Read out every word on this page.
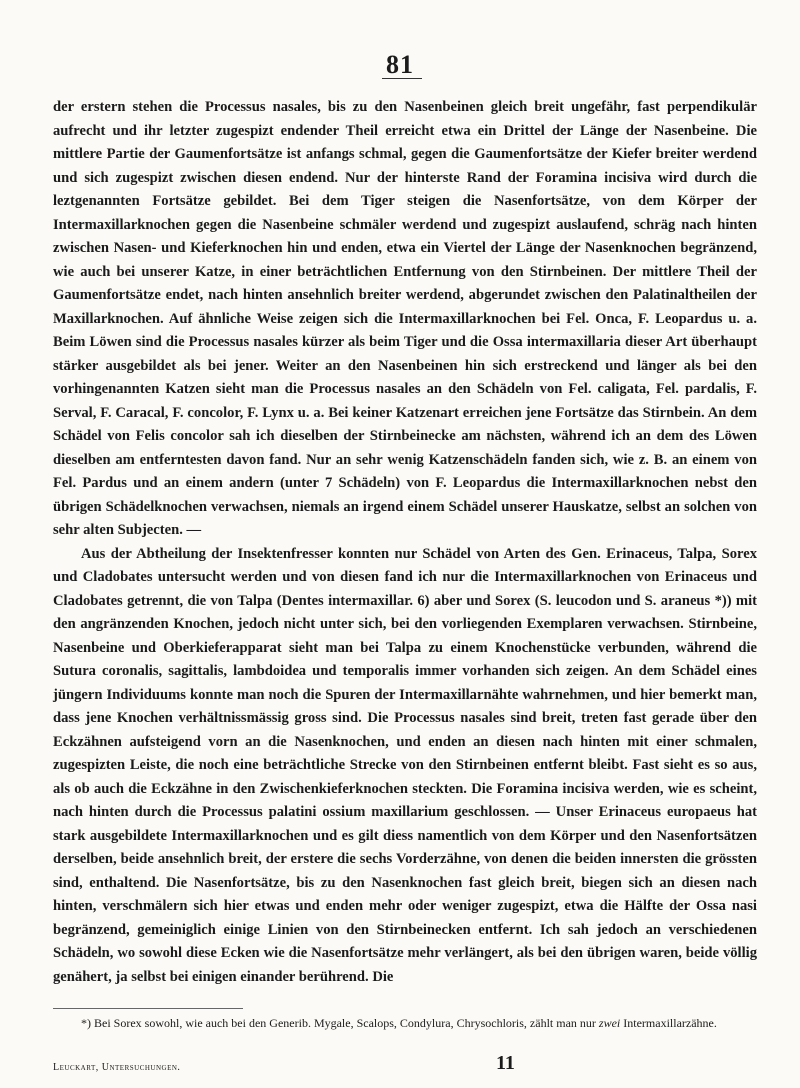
81

der erstern stehen die Processus nasales, bis zu den Nasenbeinen gleich breit ungefähr, fast perpendikulär aufrecht und ihr letzter zugespizt endender Theil erreicht etwa ein Drittel der Länge der Nasenbeine. Die mittlere Partie der Gaumenfortsätze ist anfangs schmal, gegen die Gaumenfortsätze der Kiefer breiter werdend und sich zugespizt zwischen diesen endend. Nur der hinterste Rand der Foramina incisiva wird durch die leztgenannten Fortsätze gebildet. Bei dem Tiger steigen die Nasenfortsätze, von dem Körper der Intermaxillarknochen gegen die Nasenbeine schmäler werdend und zugespizt auslaufend, schräg nach hinten zwischen Nasen- und Kieferknochen hin und enden, etwa ein Viertel der Länge der Nasenknochen begränzend, wie auch bei unserer Katze, in einer beträchtlichen Entfernung von den Stirnbeinen. Der mittlere Theil der Gaumenfortsätze endet, nach hinten ansehnlich breiter werdend, abgerundet zwischen den Palatinaltheilen der Maxillarknochen. Auf ähnliche Weise zeigen sich die Intermaxillarknochen bei Fel. Onca, F. Leopardus u. a. Beim Löwen sind die Processus nasales kürzer als beim Tiger und die Ossa intermaxillaria dieser Art überhaupt stärker ausgebildet als bei jener. Weiter an den Nasenbeinen hin sich erstreckend und länger als bei den vorhingenannten Katzen sieht man die Processus nasales an den Schädeln von Fel. caligata, Fel. pardalis, F. Serval, F. Caracal, F. concolor, F. Lynx u. a. Bei keiner Katzenart erreichen jene Fortsätze das Stirnbein. An dem Schädel von Felis concolor sah ich dieselben der Stirnbeinecke am nächsten, während ich an dem des Löwen dieselben am entferntesten davon fand. Nur an sehr wenig Katzenschädeln fanden sich, wie z. B. an einem von Fel. Pardus und an einem andern (unter 7 Schädeln) von F. Leopardus die Intermaxillarknochen nebst den übrigen Schädelknochen verwachsen, niemals an irgend einem Schädel unserer Hauskatze, selbst an solchen von sehr alten Subjecten. —

Aus der Abtheilung der Insektenfresser konnten nur Schädel von Arten des Gen. Erinaceus, Talpa, Sorex und Cladobates untersucht werden und von diesen fand ich nur die Intermaxillarknochen von Erinaceus und Cladobates getrennt, die von Talpa (Dentes intermaxillar. 6) aber und Sorex (S. leucodon und S. araneus *)) mit den angränzenden Knochen, jedoch nicht unter sich, bei den vorliegenden Exemplaren verwachsen. Stirnbeine, Nasenbeine und Oberkieferapparat sieht man bei Talpa zu einem Knochenstücke verbunden, während die Sutura coronalis, sagittalis, lambdoidea und temporalis immer vorhanden sich zeigen. An dem Schädel eines jüngern Individuums konnte man noch die Spuren der Intermaxillarnähte wahrnehmen, und hier bemerkt man, dass jene Knochen verhältnissmässig gross sind. Die Processus nasales sind breit, treten fast gerade über den Eckzähnen aufsteigend vorn an die Nasenknochen, und enden an diesen nach hinten mit einer schmalen, zugespizten Leiste, die noch eine beträchtliche Strecke von den Stirnbeinen entfernt bleibt. Fast sieht es so aus, als ob auch die Eckzähne in den Zwischenkieferknochen steckten. Die Foramina incisiva werden, wie es scheint, nach hinten durch die Processus palatini ossium maxillarium geschlossen. — Unser Erinaceus europaeus hat stark ausgebildete Intermaxillarknochen und es gilt diess namentlich von dem Körper und den Nasenfortsätzen derselben, beide ansehnlich breit, der erstere die sechs Vorderzähne, von denen die beiden innersten die grössten sind, enthaltend. Die Nasenfortsätze, bis zu den Nasenknochen fast gleich breit, biegen sich an diesen nach hinten, verschmälern sich hier etwas und enden mehr oder weniger zugespizt, etwa die Hälfte der Ossa nasi begränzend, gemeiniglich einige Linien von den Stirnbeinecken entfernt. Ich sah jedoch an verschiedenen Schädeln, wo sowohl diese Ecken wie die Nasenfortsätze mehr verlängert, als bei den übrigen waren, beide völlig genähert, ja selbst bei einigen einander berührend. Die

*) Bei Sorex sowohl, wie auch bei den Generib. Mygale, Scalops, Condylura, Chrysochloris, zählt man nur zwei Intermaxillarzähne.
Leuckart, Untersuchungen.	11
